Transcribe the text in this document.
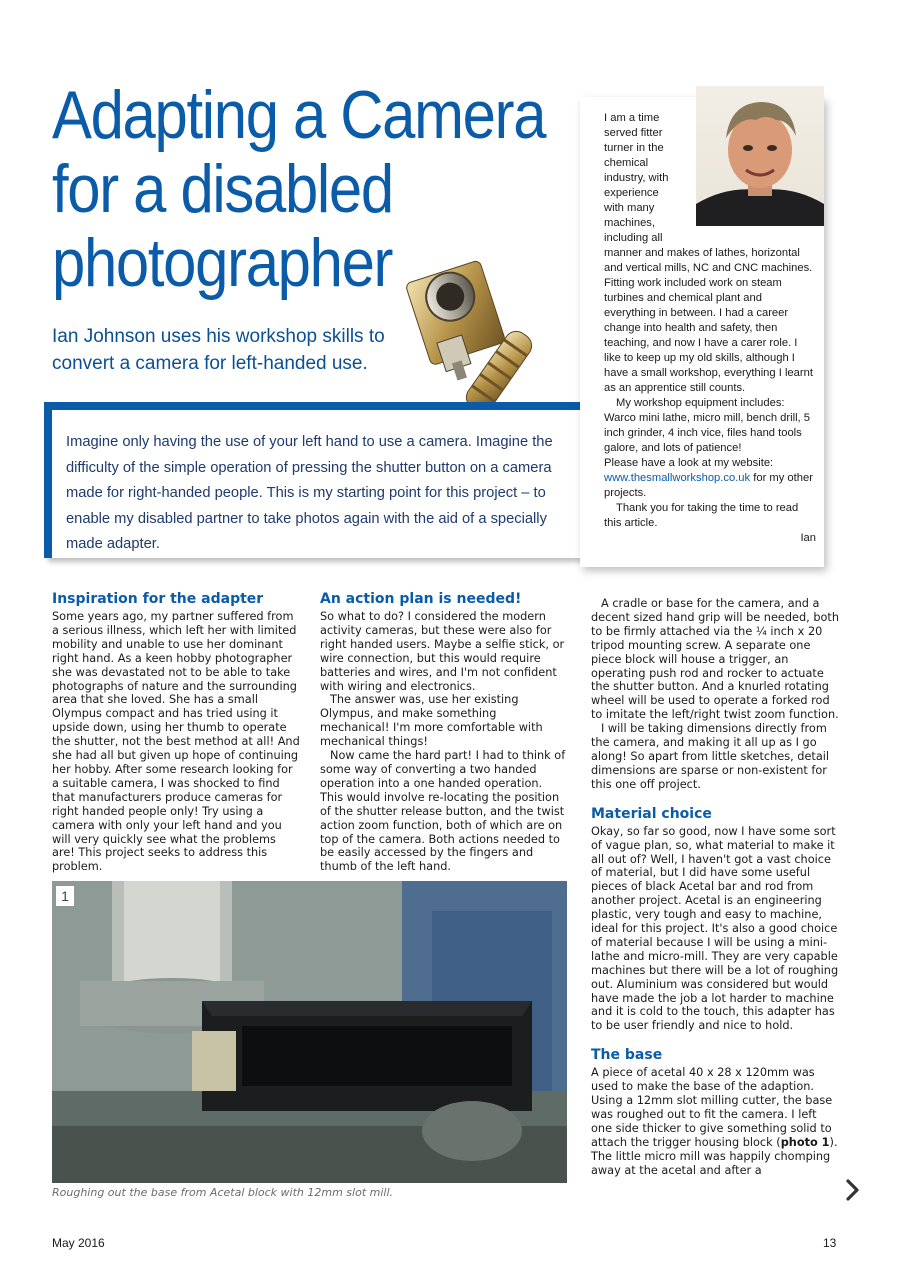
Adapting a Camera
for a disabled
photographer
Ian Johnson uses his workshop skills to convert a camera for left-handed use.
Imagine only having the use of your left hand to use a camera. Imagine the difficulty of the simple operation of pressing the shutter button on a camera made for right-handed people. This is my starting point for this project – to enable my disabled partner to take photos again with the aid of a specially made adapter.
I am a time
served fitter
turner in the
chemical
industry, with
experience
with many
machines,
including all

manner and makes of lathes, horizontal and vertical mills, NC and CNC machines. Fitting work included work on steam turbines and chemical plant and everything in between. I had a career change into health and safety, then teaching, and now I have a carer role. I like to keep up my old skills, although I have a small workshop, everything I learnt as an apprentice still counts.

My workshop equipment includes: Warco mini lathe, micro mill, bench drill, 5 inch grinder, 4 inch vice, files hand tools galore, and lots of patience!

Please have a look at my website:
www.thesmallworkshop.co.uk for my other projects.

Thank you for taking the time to read this article.

Ian

Inspiration for the adapter

Some years ago, my partner suffered from a serious illness, which left her with limited mobility and unable to use her dominant right hand. As a keen hobby photographer she was devastated not to be able to take photographs of nature and the surrounding area that she loved. She has a small Olympus compact and has tried using it upside down, using her thumb to operate the shutter, not the best method at all! And she had all but given up hope of continuing her hobby. After some research looking for a suitable camera, I was shocked to find that manufacturers produce cameras for right handed people only! Try using a camera with only your left hand and you will very quickly see what the problems are! This project seeks to address this problem.

An action plan is needed!

So what to do? I considered the modern activity cameras, but these were also for right handed users. Maybe a selfie stick, or wire connection, but this would require batteries and wires, and I'm not confident with wiring and electronics.

The answer was, use her existing Olympus, and make something mechanical! I'm more comfortable with mechanical things!

Now came the hard part! I had to think of some way of converting a two handed operation into a one handed operation. This would involve re-locating the position of the shutter release button, and the twist action zoom function, both of which are on top of the camera. Both actions needed to be easily accessed by the fingers and thumb of the left hand.

A cradle or base for the camera, and a decent sized hand grip will be needed, both to be firmly attached via the ¼ inch x 20 tripod mounting screw. A separate one piece block will house a trigger, an operating push rod and rocker to actuate the shutter button. And a knurled rotating wheel will be used to operate a forked rod to imitate the left/right twist zoom function.

I will be taking dimensions directly from the camera, and making it all up as I go along! So apart from little sketches, detail dimensions are sparse or non-existent for this one off project.

Material choice

Okay, so far so good, now I have some sort of vague plan, so, what material to make it all out of? Well, I haven't got a vast choice of material, but I did have some useful pieces of black Acetal bar and rod from another project. Acetal is an engineering plastic, very tough and easy to machine, ideal for this project. It's also a good choice of material because I will be using a mini-lathe and micro-mill. They are very capable machines but there will be a lot of roughing out. Aluminium was considered but would have made the job a lot harder to machine and it is cold to the touch, this adapter has to be user friendly and nice to hold.

The base

A piece of acetal 40 x 28 x 120mm was used to make the base of the adaption. Using a 12mm slot milling cutter, the base was roughed out to fit the camera. I left one side thicker to give something solid to attach the trigger housing block (photo 1). The little micro mill was happily chomping away at the acetal and after a

1
Roughing out the base from Acetal block with 12mm slot mill.
May 2016	13
